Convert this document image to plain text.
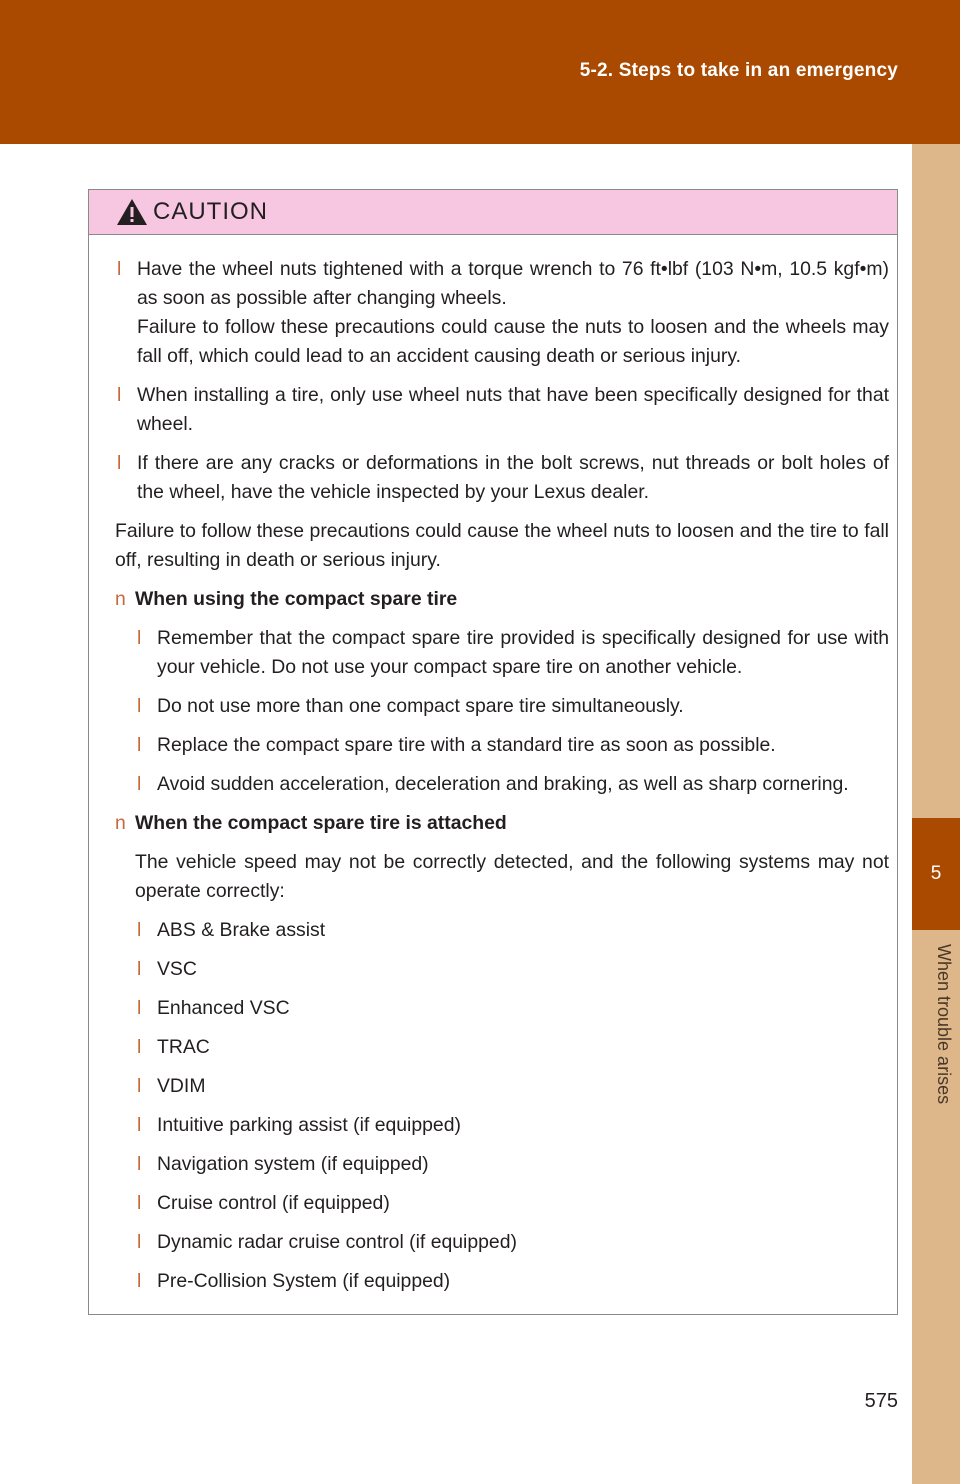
5-2. Steps to take in an emergency
5
When trouble arises
CAUTION
l Have the wheel nuts tightened with a torque wrench to 76 ft•lbf (103 N•m, 10.5 kgf•m) as soon as possible after changing wheels.
Failure to follow these precautions could cause the nuts to loosen and the wheels may fall off, which could lead to an accident causing death or serious injury.
l When installing a tire, only use wheel nuts that have been specifically designed for that wheel.
l If there are any cracks or deformations in the bolt screws, nut threads or bolt holes of the wheel, have the vehicle inspected by your Lexus dealer.
Failure to follow these precautions could cause the wheel nuts to loosen and the tire to fall off, resulting in death or serious injury.
n When using the compact spare tire
l Remember that the compact spare tire provided is specifically designed for use with your vehicle. Do not use your compact spare tire on another vehicle.
l Do not use more than one compact spare tire simultaneously.
l Replace the compact spare tire with a standard tire as soon as possible.
l Avoid sudden acceleration, deceleration and braking, as well as sharp cornering.
n When the compact spare tire is attached
The vehicle speed may not be correctly detected, and the following systems may not operate correctly:
l ABS & Brake assist
l VSC
l Enhanced VSC
l TRAC
l VDIM
l Intuitive parking assist (if equipped)
l Navigation system (if equipped)
l Cruise control (if equipped)
l Dynamic radar cruise control (if equipped)
l Pre-Collision System (if equipped)
575
